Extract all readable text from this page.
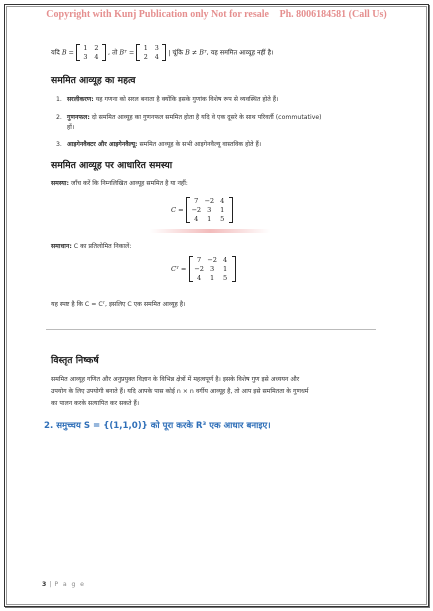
Copyright with Kunj Publication only Not for resale Ph. 8006184581 (Call Us)
यदि B =
1	2
3	4
, तो Bᵀ =
1	3
2	4
| चूंकि B ≠ Bᵀ, यह सममित आव्यूह नहीं है।
सममित आव्यूह का महत्व
1. सरलीकरण: यह गणना को सरल बनाता है क्योंकि इसके गुणांक विशेष रूप से व्यवस्थित होते हैं।
2. गुणनफल: दो सममित आव्यूह का गुणनफल सममित होता है यदि वे एक दूसरे के साथ परिवर्ती (commutative)
हों।
3. आइगेनवैक्टर और आइगेनवैल्यू: सममित आव्यूह के सभी आइगेनवैल्यू वास्तविक होते हैं।
सममित आव्यूह पर आधारित समस्या
समस्या: जाँच करें कि निम्नलिखित आव्यूह सममित है या नहीं:
C =
7 −2 4
−2 3	1
4	1	5
समाधान: C का प्रतिलोमित निकालें:
Cᵀ =
7 −2 4
−2 3	1
4	1	5
यह स्पष्ट है कि C = Cᵀ, इसलिए C एक सममित आव्यूह है।
विस्तृत निष्कर्ष
सममित आव्यूह गणित और अनुप्रयुक्त विज्ञान के विभिन्न क्षेत्रों में महत्वपूर्ण है। इसके विशेष गुण इसे अध्ययन और
उपयोग के लिए उपयोगी बनाते हैं। यदि आपके पास कोई n × n वर्गीय आव्यूह है, तो आप इसे सममितता के गुणधर्म
का पालन करके सत्यापित कर सकते हैं।
2. समुच्चय S = {(1,1,0)} को पूरा करके R³ एक आधार बनाइए।
3 | P a g e
